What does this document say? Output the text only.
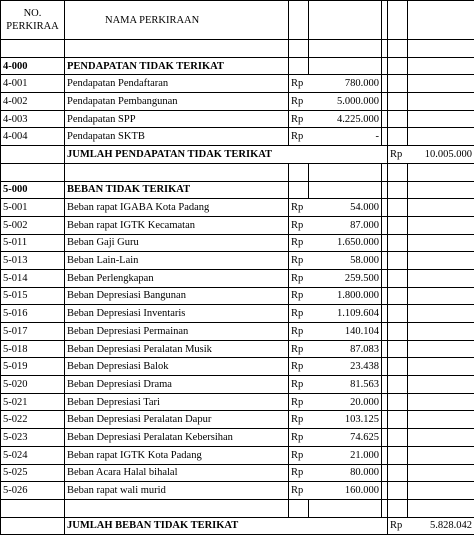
NO.
PERKIRAA	NAMA PERKIRAAN					

4-000	PENDAPATAN TIDAK TERIKAT					
4-001	Pendapatan Pendaftaran	Rp	780.000			
4-002	Pendapatan Pembangunan	Rp	5.000.000			
4-003	Pendapatan SPP	Rp	4.225.000			
4-004	Pendapatan SKTB	Rp	-			
	JUMLAH PENDAPATAN TIDAK TERIKAT				Rp	10.005.000

5-000	BEBAN TIDAK TERIKAT					
5-001	Beban rapat IGABA Kota Padang	Rp	54.000			
5-002	Beban rapat IGTK Kecamatan	Rp	87.000			
5-011	Beban Gaji Guru	Rp	1.650.000			
5-013	Beban Lain-Lain	Rp	58.000			
5-014	Beban Perlengkapan	Rp	259.500			
5-015	Beban Depresiasi Bangunan	Rp	1.800.000			
5-016	Beban Depresiasi Inventaris	Rp	1.109.604			
5-017	Beban Depresiasi Permainan	Rp	140.104			
5-018	Beban Depresiasi Peralatan Musik	Rp	87.083			
5-019	Beban Depresiasi Balok	Rp	23.438			
5-020	Beban Depresiasi Drama	Rp	81.563			
5-021	Beban Depresiasi Tari	Rp	20.000			
5-022	Beban Depresiasi Peralatan Dapur	Rp	103.125			
5-023	Beban Depresiasi Peralatan Kebersihan	Rp	74.625			
5-024	Beban rapat IGTK Kota Padang	Rp	21.000			
5-025	Beban Acara Halal bihalal	Rp	80.000			
5-026	Beban rapat wali murid	Rp	160.000			

	JUMLAH BEBAN TIDAK TERIKAT				Rp	5.828.042
